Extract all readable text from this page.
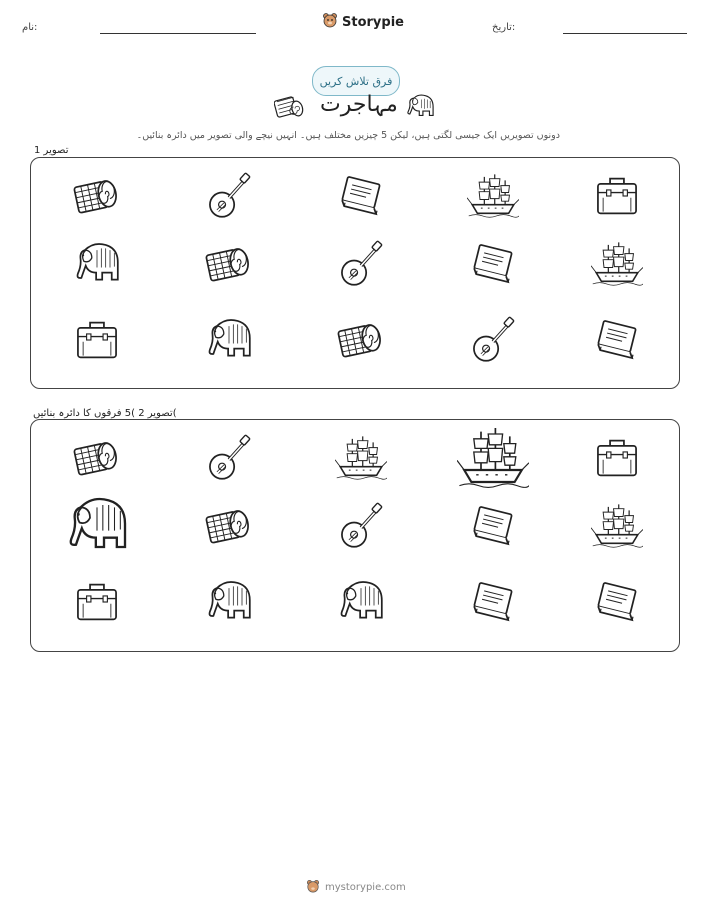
نام:	Storypie	تاریخ:
فرق تلاش کریں
مہاجرت
دونوں تصویریں ایک جیسی لگتی ہیں، لیکن 5 چیزیں مختلف ہیں۔ انہیں نیچے والی تصویر میں دائرہ بنائیں۔
تصویر 1
تصویر 2 )5 فرقوں کا دائرہ بنائیں(
mystorypie.com
